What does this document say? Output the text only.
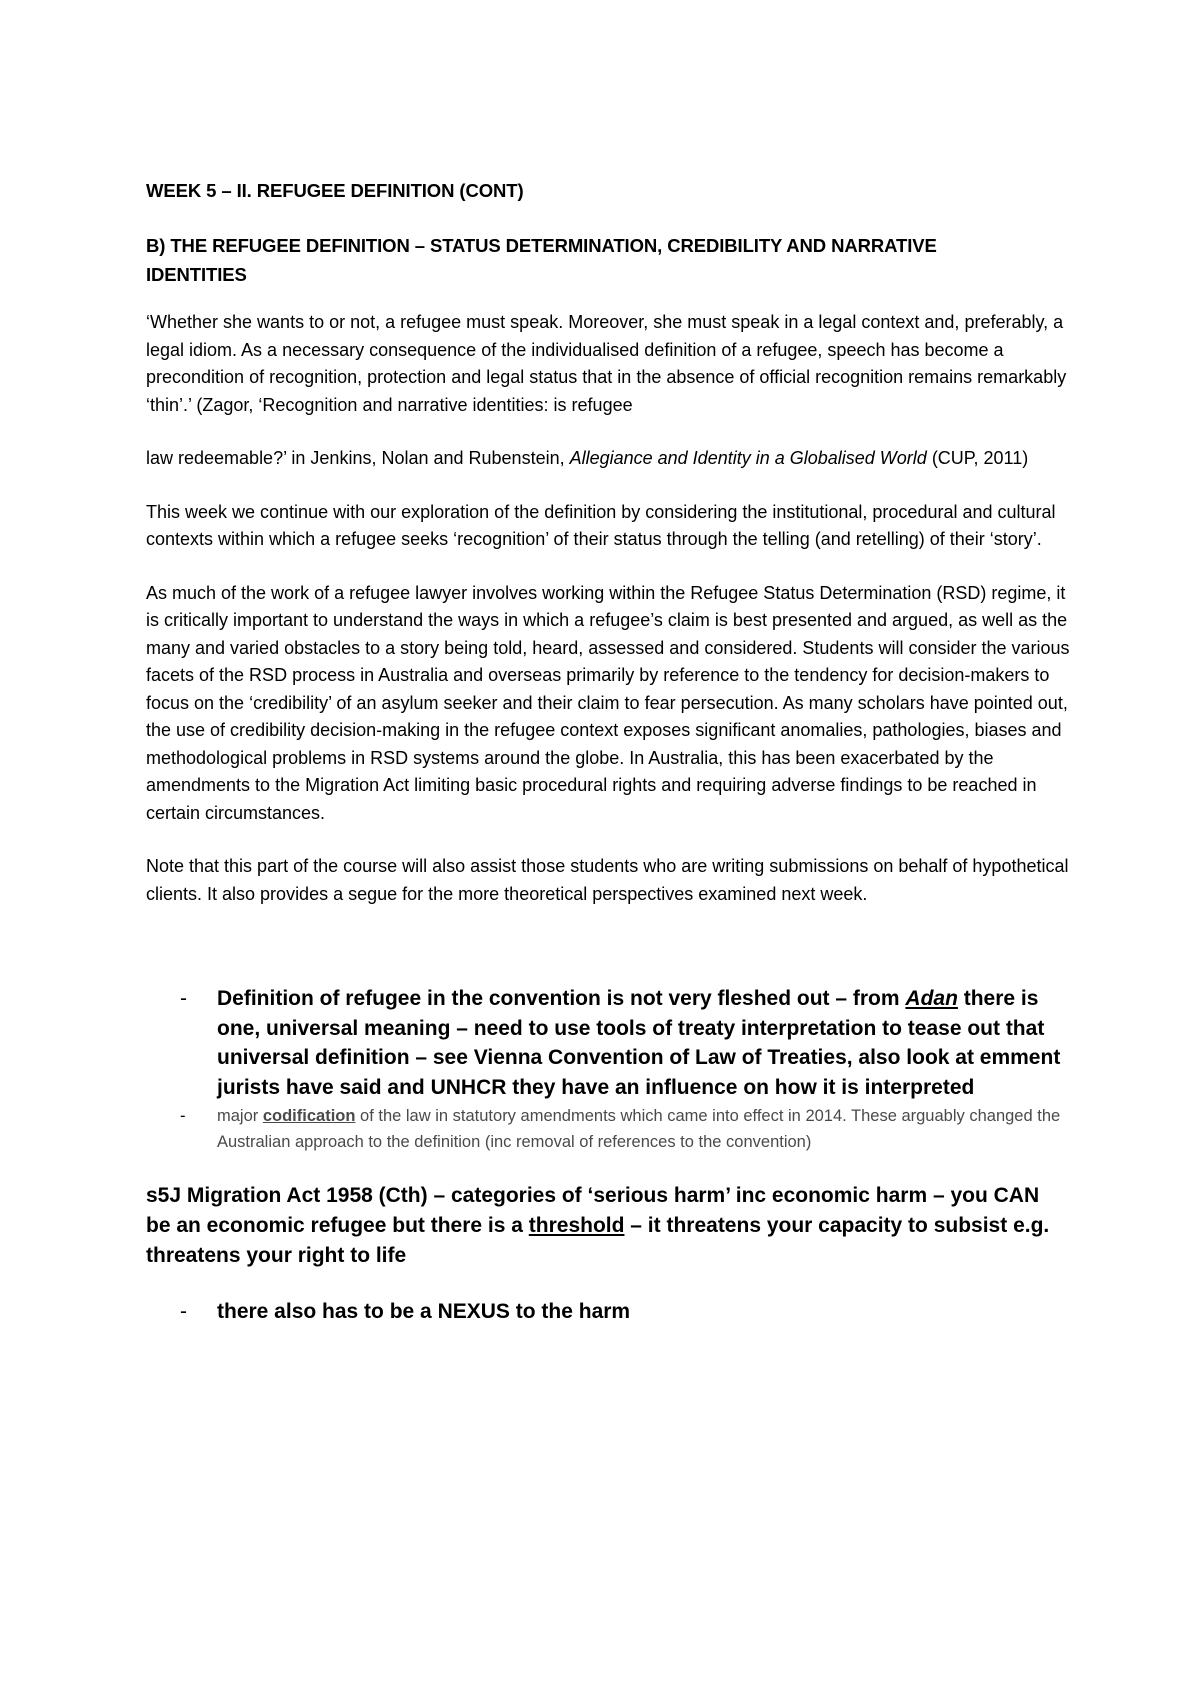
WEEK 5 – II. REFUGEE DEFINITION (CONT)

B) THE REFUGEE DEFINITION – STATUS DETERMINATION, CREDIBILITY AND NARRATIVE IDENTITIES

‘Whether she wants to or not, a refugee must speak. Moreover, she must speak in a legal context and, preferably, a legal idiom. As a necessary consequence of the individualised definition of a refugee, speech has become a precondition of recognition, protection and legal status that in the absence of official recognition remains remarkably ‘thin’.’ (Zagor, ‘Recognition and narrative identities: is refugee

law redeemable?’ in Jenkins, Nolan and Rubenstein, Allegiance and Identity in a Globalised World (CUP, 2011)

This week we continue with our exploration of the definition by considering the institutional, procedural and cultural contexts within which a refugee seeks ‘recognition’ of their status through the telling (and retelling) of their ‘story’.

As much of the work of a refugee lawyer involves working within the Refugee Status Determination (RSD) regime, it is critically important to understand the ways in which a refugee’s claim is best presented and argued, as well as the many and varied obstacles to a story being told, heard, assessed and considered. Students will consider the various facets of the RSD process in Australia and overseas primarily by reference to the tendency for decision-makers to focus on the ‘credibility’ of an asylum seeker and their claim to fear persecution. As many scholars have pointed out, the use of credibility decision-making in the refugee context exposes significant anomalies, pathologies, biases and methodological problems in RSD systems around the globe. In Australia, this has been exacerbated by the amendments to the Migration Act limiting basic procedural rights and requiring adverse findings to be reached in certain circumstances.

Note that this part of the course will also assist those students who are writing submissions on behalf of hypothetical clients. It also provides a segue for the more theoretical perspectives examined next week.

- Definition of refugee in the convention is not very fleshed out – from Adan there is one, universal meaning – need to use tools of treaty interpretation to tease out that universal definition – see Vienna Convention of Law of Treaties, also look at emment jurists have said and UNHCR they have an influence on how it is interpreted
- major codification of the law in statutory amendments which came into effect in 2014. These arguably changed the Australian approach to the definition (inc removal of references to the convention)

s5J Migration Act 1958 (Cth) – categories of ‘serious harm’ inc economic harm – you CAN be an economic refugee but there is a threshold – it threatens your capacity to subsist e.g. threatens your right to life

- there also has to be a NEXUS to the harm
